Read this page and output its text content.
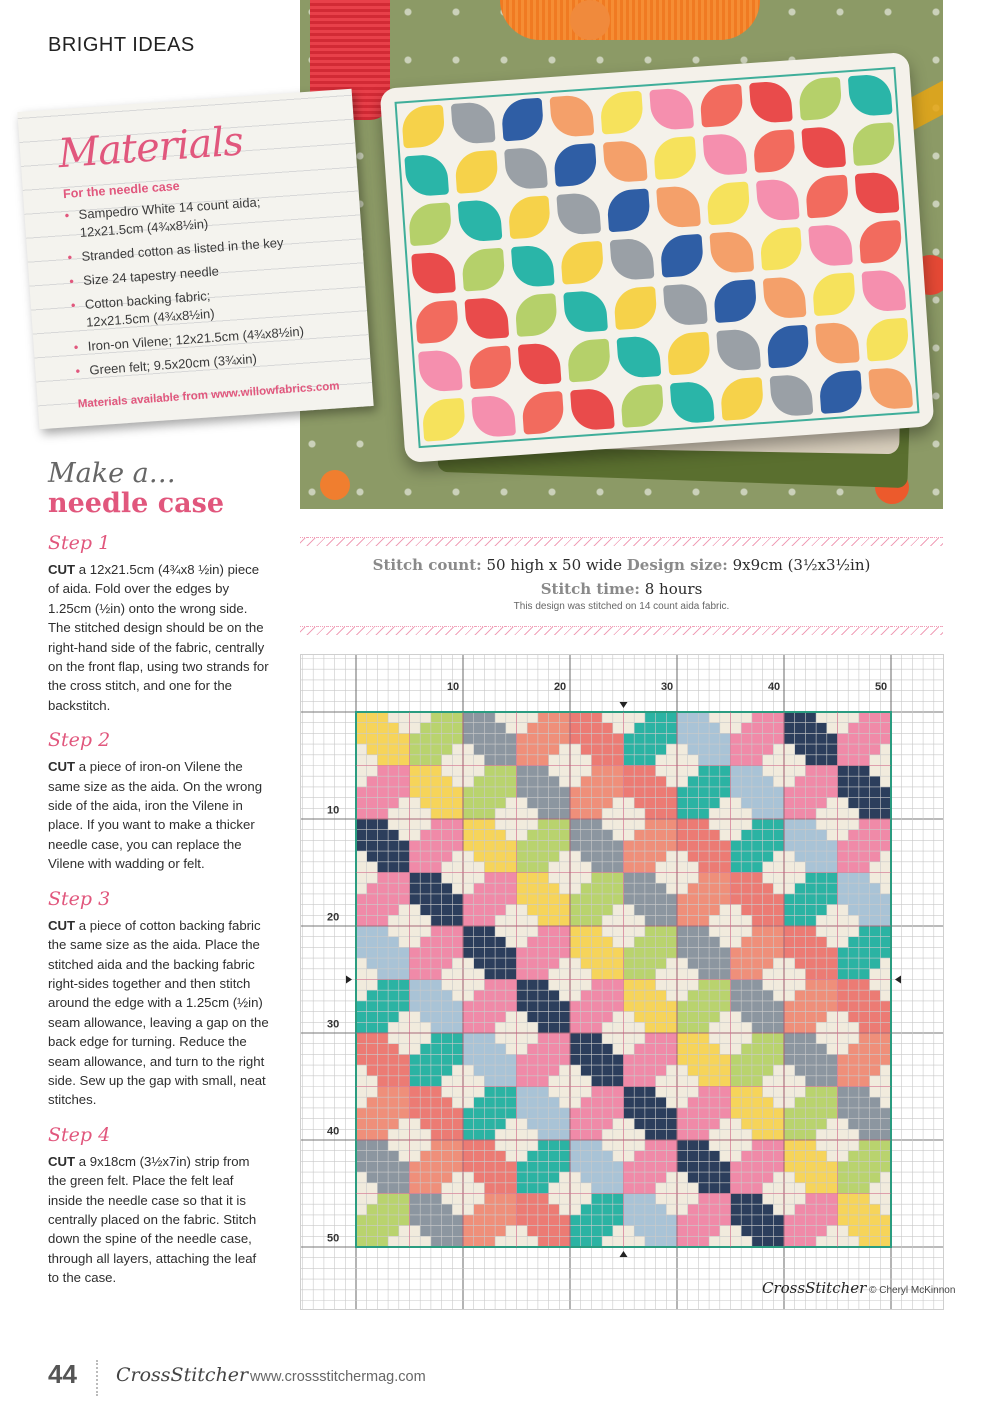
BRIGHT IDEAS
Materials
For the needle case
• Sampedro White 14 count aida;
12x21.5cm (4¾x8½in)
• Stranded cotton as listed in the key
• Size 24 tapestry needle
• Cotton backing fabric;
12x21.5cm (4¾x8½in)
• Iron-on Vilene; 12x21.5cm (4¾x8½in)
• Green felt; 9.5x20cm (3¾xin)
Materials available from www.willowfabrics.com
Make a…
needle case
Step 1

CUT a 12x21.5cm (4¾x8 ½in) piece of aida. Fold over the edges by 1.25cm (½in) onto the wrong side. The stitched design should be on the right-hand side of the fabric, centrally on the front flap, using two strands for the cross stitch, and one for the backstitch.

Step 2

CUT a piece of iron-on Vilene the same size as the aida. On the wrong side of the aida, iron the Vilene in place. If you want to make a thicker needle case, you can replace the Vilene with wadding or felt.

Step 3

CUT a piece of cotton backing fabric the same size as the aida. Place the stitched aida and the backing fabric right-sides together and then stitch around the edge with a 1.25cm (½in) seam allowance, leaving a gap on the back edge for turning. Reduce the seam allowance, and turn to the right side. Sew up the gap with small, neat stitches.

Step 4

CUT a 9x18cm (3½x7in) strip from the green felt. Place the felt leaf inside the needle case so that it is centrally placed on the fabric. Stitch down the spine of the needle case, through all layers, attaching the leaf to the case.

Stitch count: 50 high x 50 wide Design size: 9x9cm (3½x3½in)
Stitch time: 8 hours
This design was stitched on 14 count aida fabric.
10	20	30	40	50
10
20
30
40
50
CrossStitcher © Cheryl McKinnon
44 CrossStitcher www.crossstitchermag.com
